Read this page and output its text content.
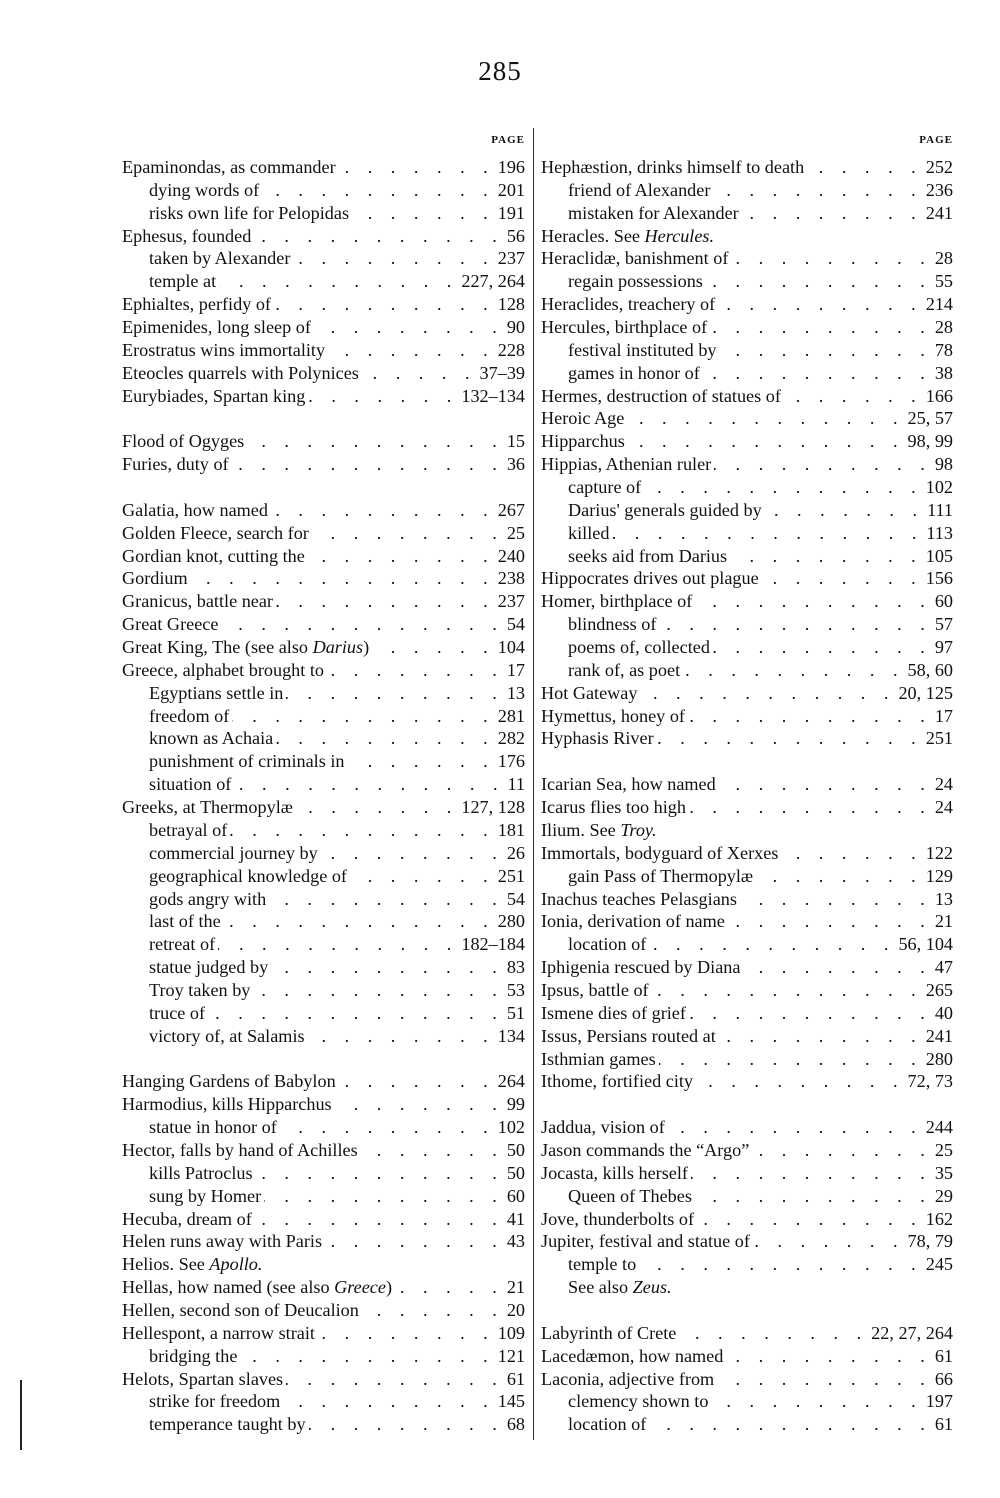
285
PAGE
Epaminondas, as commander . . .	196
dying words of . . .	201
risks own life for Pelopidas . . .	191
Ephesus, founded . . .	56
taken by Alexander . . .	237
temple at . . .	227, 264
Ephialtes, perfidy of . . .	128
Epimenides, long sleep of . . .	90
Erostratus wins immortality . . .	228
Eteocles quarrels with Polynices . . .	37–39
Eurybiades, Spartan king . . .	132–134
Flood of Ogyges . . .	15
Furies, duty of . . .	36
Galatia, how named . . .	267
Golden Fleece, search for . . .	25
Gordian knot, cutting the . . .	240
Gordium . . .	238
Granicus, battle near . . .	237
Great Greece . . .	54
Great King, The (see also Darius) . . .	104
Greece, alphabet brought to . . .	17
Egyptians settle in . . .	13
freedom of . . .	281
known as Achaia . . .	282
punishment of criminals in . . .	176
situation of . . .	11
Greeks, at Thermopylæ . . .	127, 128
betrayal of . . .	181
commercial journey by . . .	26
geographical knowledge of . . .	251
gods angry with . . .	54
last of the . . .	280
retreat of . . .	182–184
statue judged by . . .	83
Troy taken by . . .	53
truce of . . .	51
victory of, at Salamis . . .	134
Hanging Gardens of Babylon . . .	264
Harmodius, kills Hipparchus . . .	99
statue in honor of . . .	102
Hector, falls by hand of Achilles . . .	50
kills Patroclus . . .	50
sung by Homer . . .	60
Hecuba, dream of . . .	41
Helen runs away with Paris . . .	43
Helios. See Apollo.
Hellas, how named (see also Greece) . . .	21
Hellen, second son of Deucalion . . .	20
Hellespont, a narrow strait . . .	109
bridging the . . .	121
Helots, Spartan slaves . . .	61
strike for freedom . . .	145
temperance taught by . . .	68
PAGE
Hephæstion, drinks himself to death . . .	252
friend of Alexander . . .	236
mistaken for Alexander . . .	241
Heracles. See Hercules.
Heraclidæ, banishment of . . .	28
regain possessions . . .	55
Heraclides, treachery of . . .	214
Hercules, birthplace of . . .	28
festival instituted by . . .	78
games in honor of . . .	38
Hermes, destruction of statues of . . .	166
Heroic Age . . .	25, 57
Hipparchus . . .	98, 99
Hippias, Athenian ruler . . .	98
capture of . . .	102
Darius' generals guided by . . .	111
killed . . .	113
seeks aid from Darius . . .	105
Hippocrates drives out plague . . .	156
Homer, birthplace of . . .	60
blindness of . . .	57
poems of, collected . . .	97
rank of, as poet . . .	58, 60
Hot Gateway . . .	20, 125
Hymettus, honey of . . .	17
Hyphasis River . . .	251
Icarian Sea, how named . . .	24
Icarus flies too high . . .	24
Ilium. See Troy.
Immortals, bodyguard of Xerxes . . .	122
gain Pass of Thermopylæ . . .	129
Inachus teaches Pelasgians . . .	13
Ionia, derivation of name . . .	21
location of . . .	56, 104
Iphigenia rescued by Diana . . .	47
Ipsus, battle of . . .	265
Ismene dies of grief . . .	40
Issus, Persians routed at . . .	241
Isthmian games . . .	280
Ithome, fortified city . . .	72, 73
Jaddua, vision of . . .	244
Jason commands the “Argo” . . .	25
Jocasta, kills herself . . .	35
Queen of Thebes . . .	29
Jove, thunderbolts of . . .	162
Jupiter, festival and statue of . . .	78, 79
temple to . . .	245
See also Zeus.
Labyrinth of Crete . . .	22, 27, 264
Lacedæmon, how named . . .	61
Laconia, adjective from . . .	66
clemency shown to . . .	197
location of . . .	61
